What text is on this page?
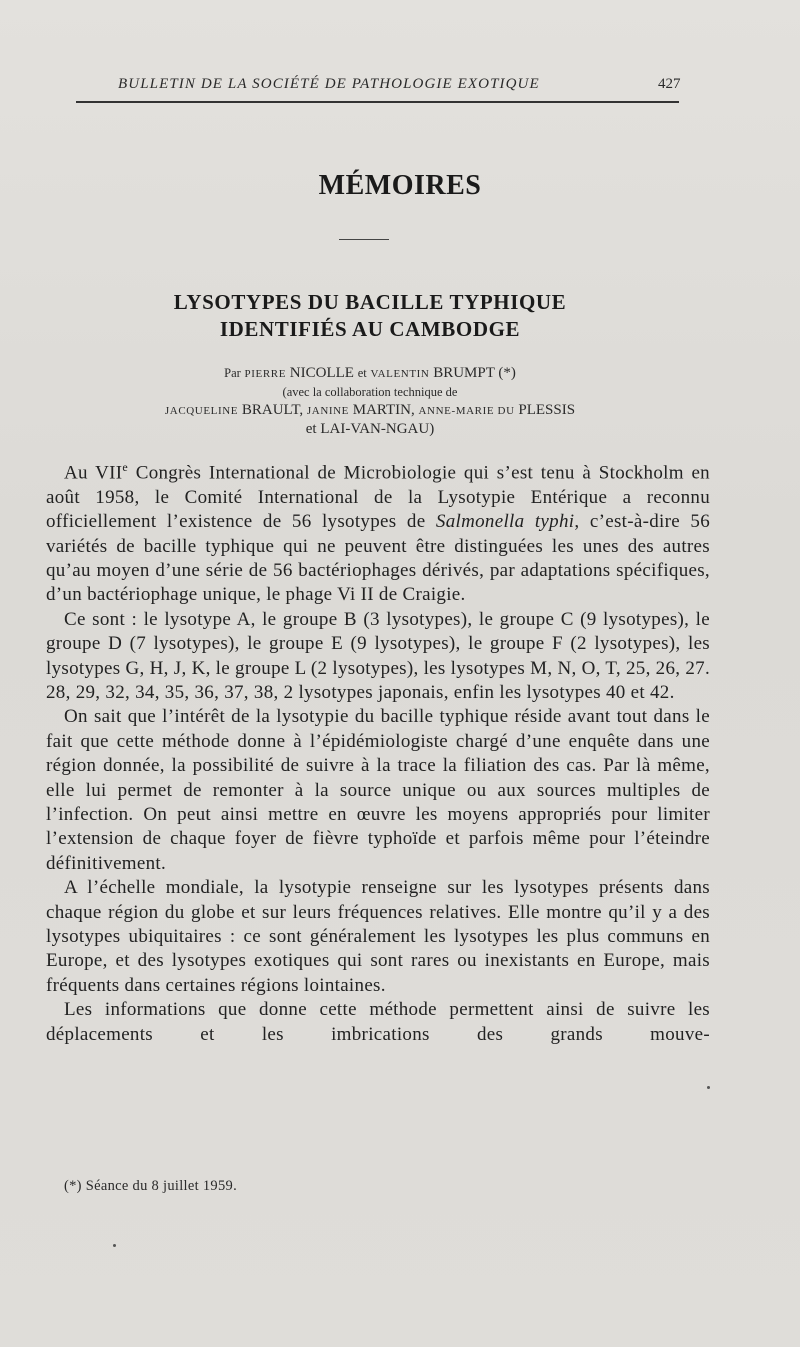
BULLETIN DE LA SOCIÉTÉ DE PATHOLOGIE EXOTIQUE	427
MÉMOIRES
LYSOTYPES DU BACILLE TYPHIQUE
IDENTIFIÉS AU CAMBODGE
Par PIERRE NICOLLE et VALENTIN BRUMPT (*)
(avec la collaboration technique de
JACQUELINE BRAULT, JANINE MARTIN, ANNE-MARIE DU PLESSIS
et LAI-VAN-NGAU)

Au VIIe Congrès International de Microbiologie qui s’est tenu à Stockholm en août 1958, le Comité International de la Lysotypie Entérique a reconnu officiellement l’existence de 56 lysotypes de Salmonella typhi, c’est-à-dire 56 variétés de bacille typhique qui ne peuvent être distinguées les unes des autres qu’au moyen d’une série de 56 bactériophages dérivés, par adaptations spécifiques, d’un bactériophage unique, le phage Vi II de Craigie.

Ce sont : le lysotype A, le groupe B (3 lysotypes), le groupe C (9 lysotypes), le groupe D (7 lysotypes), le groupe E (9 lysotypes), le groupe F (2 lysotypes), les lysotypes G, H, J, K, le groupe L (2 lysotypes), les lysotypes M, N, O, T, 25, 26, 27. 28, 29, 32, 34, 35, 36, 37, 38, 2 lysotypes japonais, enfin les lysotypes 40 et 42.

On sait que l’intérêt de la lysotypie du bacille typhique réside avant tout dans le fait que cette méthode donne à l’épidémiologiste chargé d’une enquête dans une région donnée, la possibilité de suivre à la trace la filiation des cas. Par là même, elle lui permet de remonter à la source unique ou aux sources multiples de l’infection. On peut ainsi mettre en œuvre les moyens appropriés pour limiter l’extension de chaque foyer de fièvre typhoïde et parfois même pour l’éteindre définitivement.

A l’échelle mondiale, la lysotypie renseigne sur les lysotypes présents dans chaque région du globe et sur leurs fréquences relatives. Elle montre qu’il y a des lysotypes ubiquitaires : ce sont généralement les lysotypes les plus communs en Europe, et des lysotypes exotiques qui sont rares ou inexistants en Europe, mais fréquents dans certaines régions lointaines.

Les informations que donne cette méthode permettent ainsi de suivre les déplacements et les imbrications des grands mouve-

(*) Séance du 8 juillet 1959.
